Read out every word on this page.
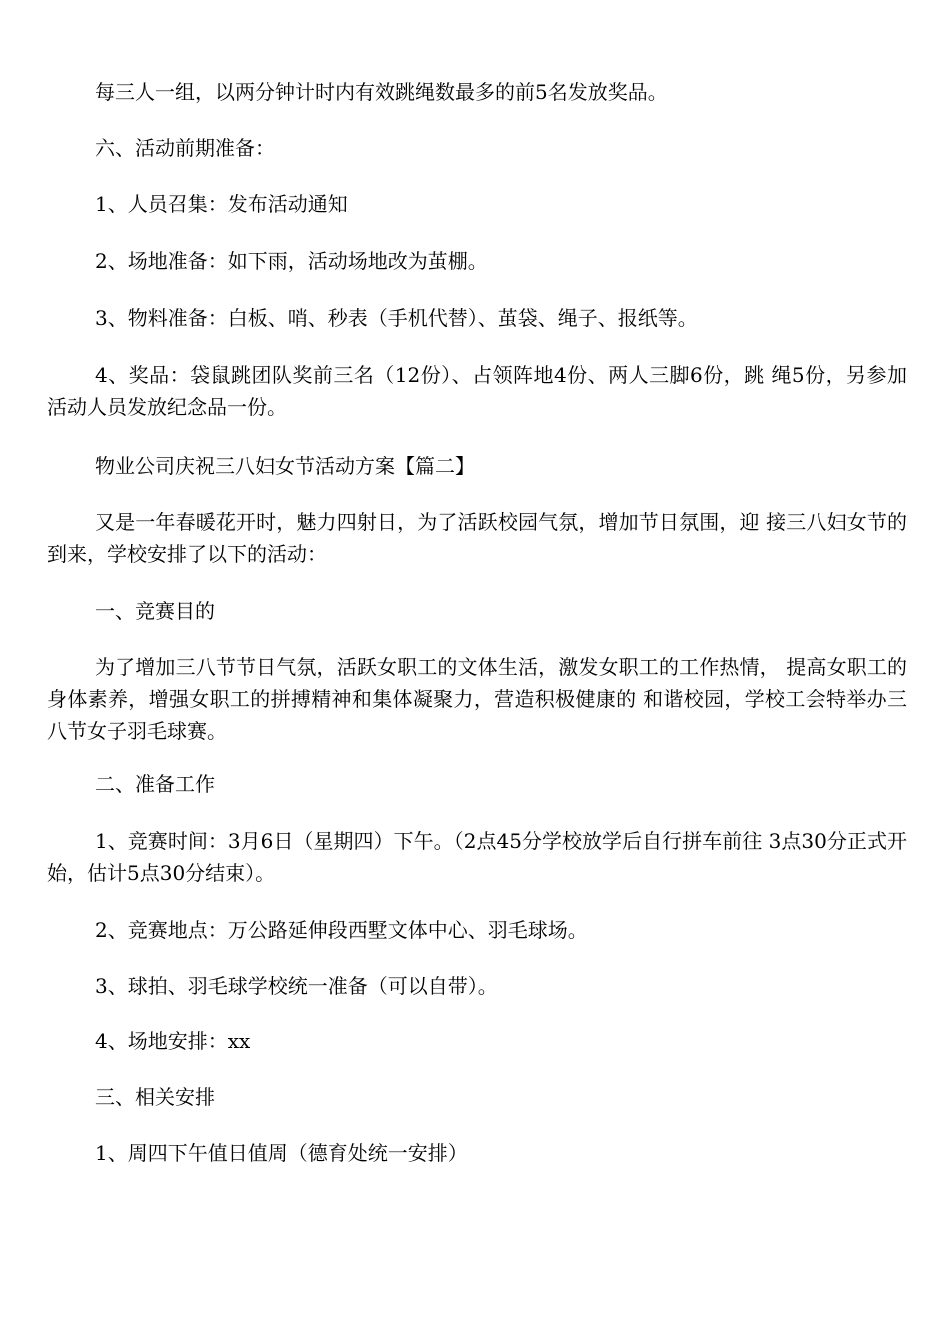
每三人一组，以两分钟计时内有效跳绳数最多的前5名发放奖品。

六、活动前期准备：

1、人员召集：发布活动通知

2、场地准备：如下雨，活动场地改为茧棚。

3、物料准备：白板、哨、秒表（手机代替）、茧袋、绳子、报纸等。

4、奖品：袋鼠跳团队奖前三名（12份）、占领阵地4份、两人三脚6份，跳 绳5份，另参加活动人员发放纪念品一份。

物业公司庆祝三八妇女节活动方案【篇二】

又是一年春暖花开时，魅力四射日，为了活跃校园气氛，增加节日氛围，迎 接三八妇女节的到来，学校安排了以下的活动：

一、竞赛目的

为了增加三八节节日气氛，活跃女职工的文体生活，激发女职工的工作热情， 提高女职工的身体素养，增强女职工的拼搏精神和集体凝聚力，营造积极健康的 和谐校园，学校工会特举办三八节女子羽毛球赛。

二、准备工作

1、竞赛时间：3月6日（星期四）下午。（2点45分学校放学后自行拼车前往 3点30分正式开始，估计5点30分结束）。

2、竞赛地点：万公路延伸段西墅文体中心、羽毛球场。

3、球拍、羽毛球学校统一准备（可以自带）。

4、场地安排：xx

三、相关安排

1、周四下午值日值周（德育处统一安排）
